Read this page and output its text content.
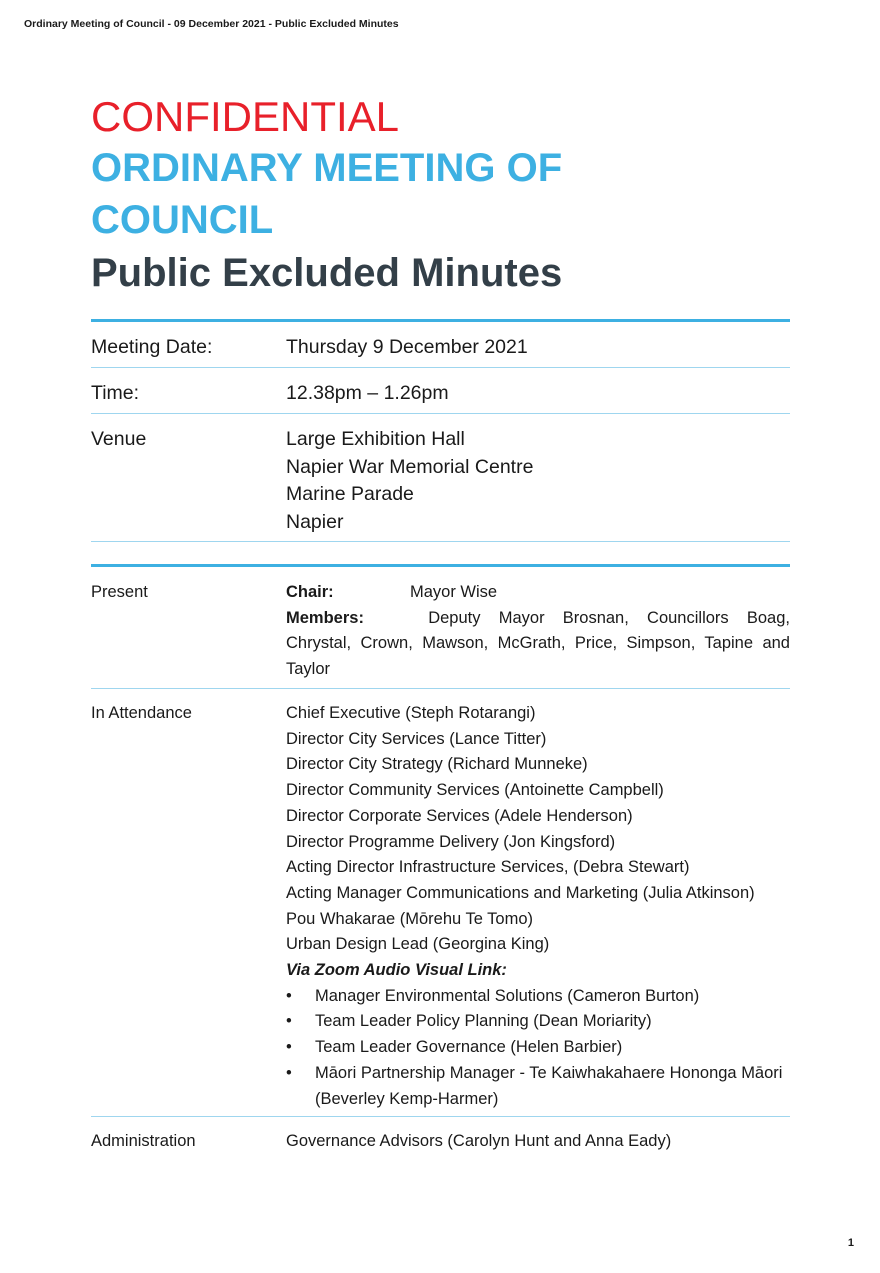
Ordinary Meeting of Council - 09 December 2021 - Public Excluded Minutes
CONFIDENTIAL
ORDINARY MEETING OF
COUNCIL
Public Excluded Minutes
Meeting Date:	Thursday 9 December 2021
Time:	12.38pm – 1.26pm
Venue	Large Exhibition Hall
Napier War Memorial Centre
Marine Parade
Napier
Present	Chair:	Mayor Wise
Members:	Deputy Mayor Brosnan, Councillors Boag,
Chrystal, Crown, Mawson, McGrath, Price, Simpson, Tapine and
Taylor
In Attendance	Chief Executive (Steph Rotarangi)
Director City Services (Lance Titter)
Director City Strategy (Richard Munneke)
Director Community Services (Antoinette Campbell)
Director Corporate Services (Adele Henderson)
Director Programme Delivery (Jon Kingsford)
Acting Director Infrastructure Services, (Debra Stewart)
Acting Manager Communications and Marketing (Julia Atkinson)
Pou Whakarae (Mōrehu Te Tomo)
Urban Design Lead (Georgina King)
Via Zoom Audio Visual Link:
• Manager Environmental Solutions (Cameron Burton)
• Team Leader Policy Planning (Dean Moriarity)
• Team Leader Governance (Helen Barbier)
• Māori Partnership Manager - Te Kaiwhakahaere Hononga Māori (Beverley Kemp-Harmer)
Administration	Governance Advisors (Carolyn Hunt and Anna Eady)
1
